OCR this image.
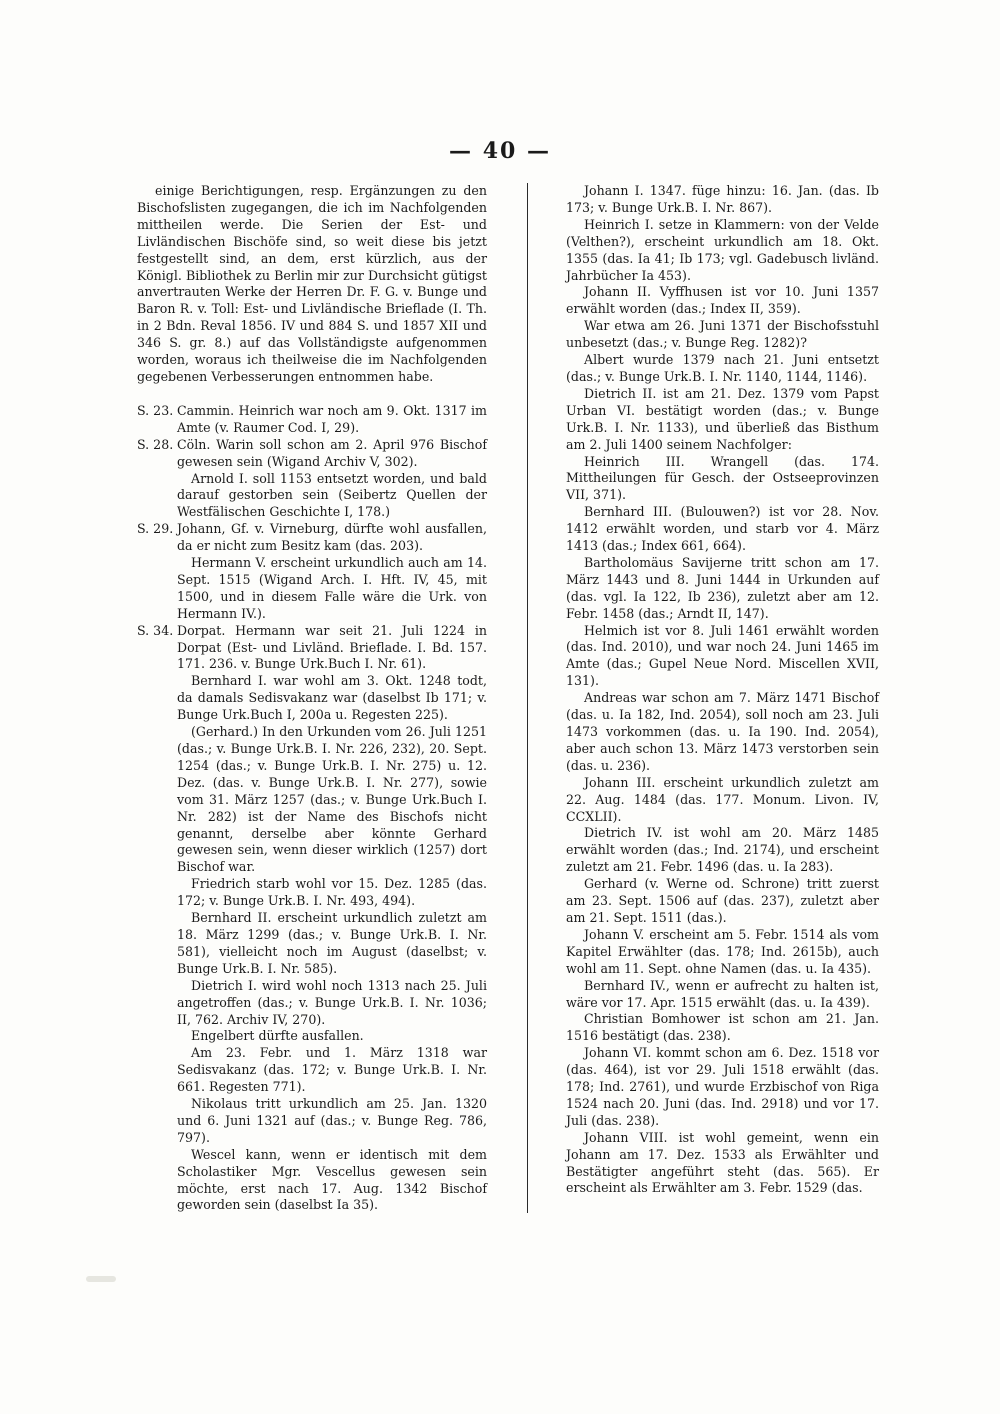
— 40 —

einige Berichtigungen, resp. Ergänzungen zu den Bischofslisten zugegangen, die ich im Nachfolgenden mittheilen werde. Die Serien der Est- und Livländischen Bischöfe sind, so weit diese bis jetzt festgestellt sind, an dem, erst kürzlich, aus der Königl. Bibliothek zu Berlin mir zur Durchsicht gütigst anvertrauten Werke der Herren Dr. F. G. v. Bunge und Baron R. v. Toll: Est- und Livländische Brieflade (I. Th. in 2 Bdn. Reval 1856. IV und 884 S. und 1857 XII und 346 S. gr. 8.) auf das Vollständigste aufgenommen worden, woraus ich theilweise die im Nachfolgenden gegebenen Verbesserungen entnommen habe.

S. 23. Cammin. Heinrich war noch am 9. Okt. 1317 im Amte (v. Raumer Cod. I, 29).
S. 28. Cöln. Warin soll schon am 2. April 976 Bischof gewesen sein (Wigand Archiv V, 302).

Arnold I. soll 1153 entsetzt worden, und bald darauf gestorben sein (Seibertz Quellen der Westfälischen Geschichte I, 178.)

S. 29. Johann, Gf. v. Virneburg, dürfte wohl ausfallen, da er nicht zum Besitz kam (das. 203).

Hermann V. erscheint urkundlich auch am 14. Sept. 1515 (Wigand Arch. I. Hft. IV, 45, mit 1500, und in diesem Falle wäre die Urk. von Hermann IV.).

S. 34. Dorpat. Hermann war seit 21. Juli 1224 in Dorpat (Est- und Livländ. Brieflade. I. Bd. 157. 171. 236. v. Bunge Urk.Buch I. Nr. 61).

Bernhard I. war wohl am 3. Okt. 1248 todt, da damals Sedisvakanz war (daselbst Ib 171; v. Bunge Urk.Buch I, 200a u. Regesten 225).

(Gerhard.) In den Urkunden vom 26. Juli 1251 (das.; v. Bunge Urk.B. I. Nr. 226, 232), 20. Sept. 1254 (das.; v. Bunge Urk.B. I. Nr. 275) u. 12. Dez. (das. v. Bunge Urk.B. I. Nr. 277), sowie vom 31. März 1257 (das.; v. Bunge Urk.Buch I. Nr. 282) ist der Name des Bischofs nicht genannt, derselbe aber könnte Gerhard gewesen sein, wenn dieser wirklich (1257) dort Bischof war.

Friedrich starb wohl vor 15. Dez. 1285 (das. 172; v. Bunge Urk.B. I. Nr. 493, 494).

Bernhard II. erscheint urkundlich zuletzt am 18. März 1299 (das.; v. Bunge Urk.B. I. Nr. 581), vielleicht noch im August (daselbst; v. Bunge Urk.B. I. Nr. 585).

Dietrich I. wird wohl noch 1313 nach 25. Juli angetroffen (das.; v. Bunge Urk.B. I. Nr. 1036; II, 762. Archiv IV, 270).

Engelbert dürfte ausfallen.

Am 23. Febr. und 1. März 1318 war Sedisvakanz (das. 172; v. Bunge Urk.B. I. Nr. 661. Regesten 771).

Nikolaus tritt urkundlich am 25. Jan. 1320 und 6. Juni 1321 auf (das.; v. Bunge Reg. 786, 797).

Wescel kann, wenn er identisch mit dem Scholastiker Mgr. Vescellus gewesen sein möchte, erst nach 17. Aug. 1342 Bischof geworden sein (daselbst Ia 35).

Johann I. 1347. füge hinzu: 16. Jan. (das. Ib 173; v. Bunge Urk.B. I. Nr. 867).

Heinrich I. setze in Klammern: von der Velde (Velthen?), erscheint urkundlich am 18. Okt. 1355 (das. Ia 41; Ib 173; vgl. Gadebusch livländ. Jahrbücher Ia 453).

Johann II. Vyffhusen ist vor 10. Juni 1357 erwählt worden (das.; Index II, 359).

War etwa am 26. Juni 1371 der Bischofsstuhl unbesetzt (das.; v. Bunge Reg. 1282)?

Albert wurde 1379 nach 21. Juni entsetzt (das.; v. Bunge Urk.B. I. Nr. 1140, 1144, 1146).

Dietrich II. ist am 21. Dez. 1379 vom Papst Urban VI. bestätigt worden (das.; v. Bunge Urk.B. I. Nr. 1133), und überließ das Bisthum am 2. Juli 1400 seinem Nachfolger:

Heinrich III. Wrangell (das. 174. Mittheilungen für Gesch. der Ostseeprovinzen VII, 371).

Bernhard III. (Bulouwen?) ist vor 28. Nov. 1412 erwählt worden, und starb vor 4. März 1413 (das.; Index 661, 664).

Bartholomäus Savijerne tritt schon am 17. März 1443 und 8. Juni 1444 in Urkunden auf (das. vgl. Ia 122, Ib 236), zuletzt aber am 12. Febr. 1458 (das.; Arndt II, 147).

Helmich ist vor 8. Juli 1461 erwählt worden (das. Ind. 2010), und war noch 24. Juni 1465 im Amte (das.; Gupel Neue Nord. Miscellen XVII, 131).

Andreas war schon am 7. März 1471 Bischof (das. u. Ia 182, Ind. 2054), soll noch am 23. Juli 1473 vorkommen (das. u. Ia 190. Ind. 2054), aber auch schon 13. März 1473 verstorben sein (das. u. 236).

Johann III. erscheint urkundlich zuletzt am 22. Aug. 1484 (das. 177. Monum. Livon. IV, CCXLII).

Dietrich IV. ist wohl am 20. März 1485 erwählt worden (das.; Ind. 2174), und erscheint zuletzt am 21. Febr. 1496 (das. u. Ia 283).

Gerhard (v. Werne od. Schrone) tritt zuerst am 23. Sept. 1506 auf (das. 237), zuletzt aber am 21. Sept. 1511 (das.).

Johann V. erscheint am 5. Febr. 1514 als vom Kapitel Erwählter (das. 178; Ind. 2615b), auch wohl am 11. Sept. ohne Namen (das. u. Ia 435).

Bernhard IV., wenn er aufrecht zu halten ist, wäre vor 17. Apr. 1515 erwählt (das. u. Ia 439).

Christian Bomhower ist schon am 21. Jan. 1516 bestätigt (das. 238).

Johann VI. kommt schon am 6. Dez. 1518 vor (das. 464), ist vor 29. Juli 1518 erwählt (das. 178; Ind. 2761), und wurde Erzbischof von Riga 1524 nach 20. Juni (das. Ind. 2918) und vor 17. Juli (das. 238).

Johann VIII. ist wohl gemeint, wenn ein Johann am 17. Dez. 1533 als Erwählter und Bestätigter angeführt steht (das. 565). Er erscheint als Erwählter am 3. Febr. 1529 (das.
